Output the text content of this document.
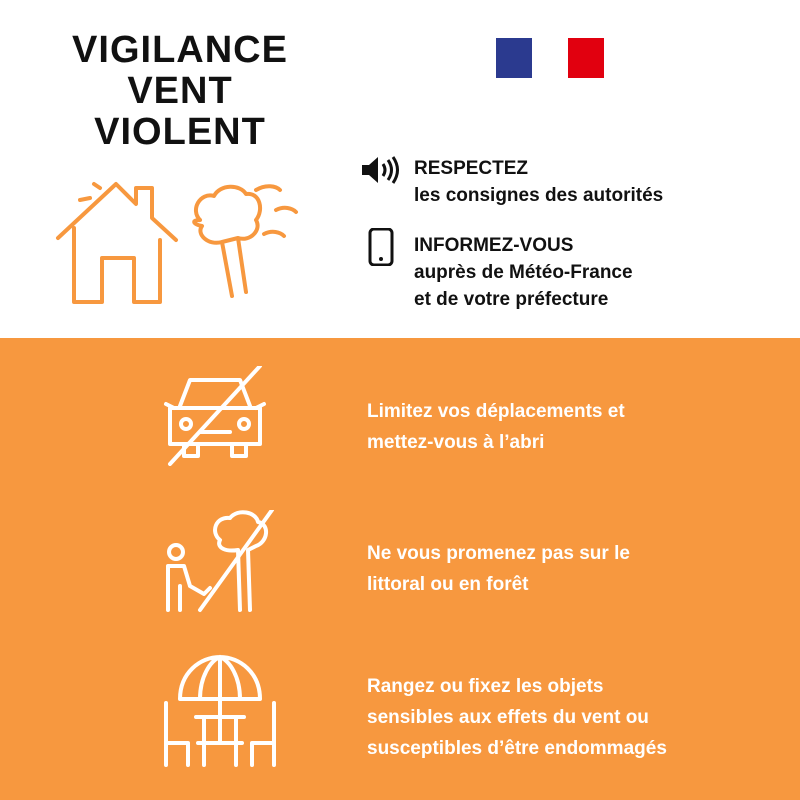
VIGILANCE
VENT
VIOLENT
RESPECTEZ
les consignes des autorités
INFORMEZ-VOUS
auprès de Météo-France
et de votre préfecture
Limitez vos déplacements et
mettez-vous à l’abri
Ne vous promenez pas sur le
littoral ou en forêt
Rangez ou fixez les objets
sensibles aux effets du vent ou
susceptibles d’être endommagés
